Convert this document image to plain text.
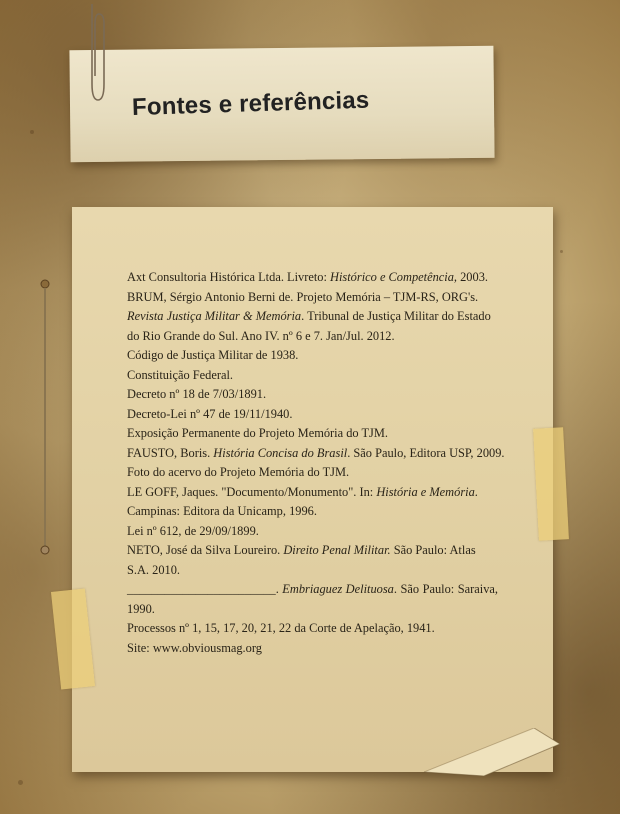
Fontes e referências
Axt Consultoria Histórica Ltda. Livreto: Histórico e Competência, 2003.
BRUM, Sérgio Antonio Berni de. Projeto Memória – TJM-RS, ORG's.
Revista Justiça Militar & Memória. Tribunal de Justiça Militar do Estado do Rio Grande do Sul. Ano IV. nº 6 e 7. Jan/Jul. 2012.
Código de Justiça Militar de 1938.
Constituição Federal.
Decreto nº 18 de 7/03/1891.
Decreto-Lei nº 47 de 19/11/1940.
Exposição Permanente do Projeto Memória do TJM.
FAUSTO, Boris. História Concisa do Brasil. São Paulo, Editora USP, 2009.
Foto do acervo do Projeto Memória do TJM.
LE GOFF, Jaques. "Documento/Monumento". In: História e Memória. Campinas: Editora da Unicamp, 1996.
Lei nº 612, de 29/09/1899.
NETO, José da Silva Loureiro. Direito Penal Militar. São Paulo: Atlas S.A. 2010.
________________________. Embriaguez Delituosa. São Paulo: Saraiva, 1990.
Processos nº 1, 15, 17, 20, 21, 22 da Corte de Apelação, 1941.
Site: www.obviousmag.org
